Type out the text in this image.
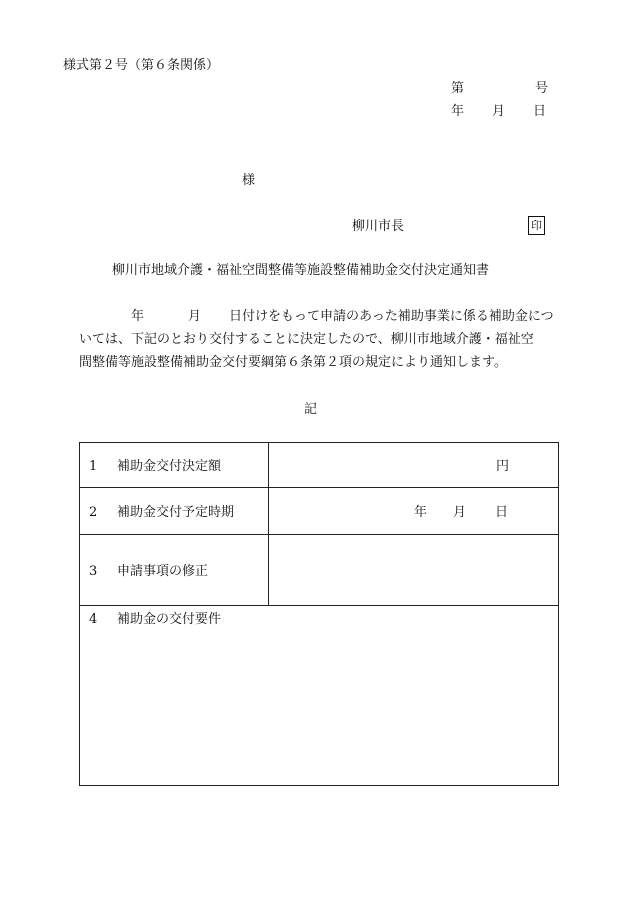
様式第２号（第６条関係）
第	号
年 月 日
様
柳川市長	印
柳川市地域介護・福祉空間整備等施設整備補助金交付決定通知書
年	月 日付けをもって申請のあった補助事業に係る補助金につ
いては、下記のとおり交付することに決定したので、柳川市地域介護・福祉空
間整備等施設整備補助金交付要綱第６条第２項の規定により通知します。
記
1 補助金交付決定額	円
2 補助金交付予定時期	年 月 日
3 申請事項の修正
4 補助金の交付要件
